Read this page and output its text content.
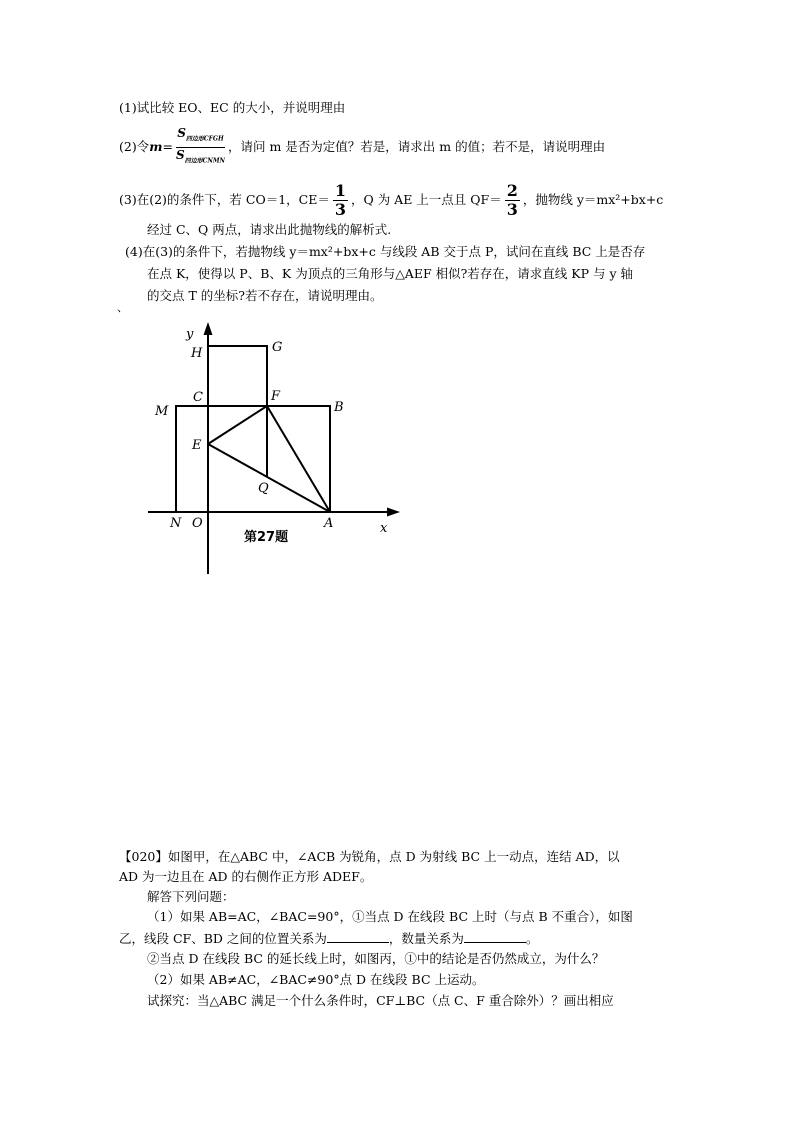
(1)试比较 EO、EC 的大小，并说明理由
(2)令 $m = \frac{S_{四边形CFGH}}{S_{四边形CNMN}}$ ，请问 m 是否为定值？若是，请求出 m 的值；若不是，请说明理由
(3)在(2)的条件下，若 CO＝1，$CE= \frac{1}{3}$ ，Q 为 AE 上一点且 $QF= \frac{2}{3}$ ，抛物线 y＝mx²+bx+c
经过 C、Q 两点，请求出此抛物线的解析式.
(4)在(3)的条件下，若抛物线 y＝mx²+bx+c 与线段 AB 交于点 P，试问在直线 BC 上是否存
在点 K，使得以 P、B、K 为顶点的三角形与△AEF 相似?若存在，请求直线 KP 与 y 轴
的交点 T 的坐标?若不存在，请说明理由。
、
y
x
H	G
C	F
B
M
E
Q
N O	A
第27题
【020】如图甲，在△ABC 中，∠ACB 为锐角，点 D 为射线 BC 上一动点，连结 AD，以
AD 为一边且在 AD 的右侧作正方形 ADEF。
解答下列问题：
（1）如果 AB=AC，∠BAC=90°，①当点 D 在线段 BC 上时（与点 B 不重合），如图
乙，线段 CF、BD 之间的位置关系为	，数量关系为	。
②当点 D 在线段 BC 的延长线上时，如图丙，①中的结论是否仍然成立，为什么？
（2）如果 AB≠AC，∠BAC≠90°点 D 在线段 BC 上运动。
试探究：当△ABC 满足一个什么条件时，CF⊥BC（点 C、F 重合除外）？画出相应
